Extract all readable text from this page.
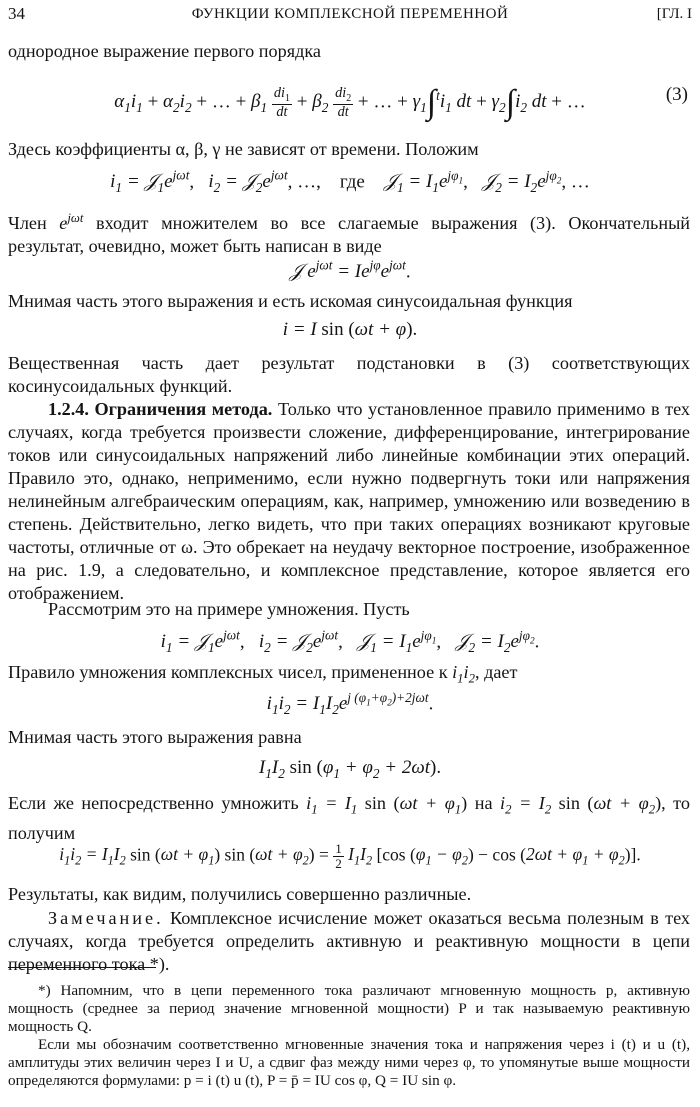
34	ФУНКЦИИ КОМПЛЕКСНОЙ ПЕРЕМЕННОЙ	[ГЛ. I
однородное выражение первого порядка
$\alpha_1i_1 + \alpha_2i_2$ + … + $\beta_1 \frac{di_1}{dt} + \beta_2 \frac{di_2}{dt}$ + … + $\gamma_1\int^ti_1$ dt + $\gamma_2\int i_2$ dt + …	(3)
Здесь коэффициенты α, β, γ не зависят от времени. Положим
$i_1$ = $𝒥_1e^{j\omega t}$,   $i_2$ = $𝒥_2e^{j\omega t}$, …,    где 𝒥$_1$ = $I_1e^{j\varphi_1}$,   𝒥$_2$ = $I_2e^{j\varphi_2}$, …
Член $e^{j\omega t}$ входит множителем во все слагаемые выражения (3). Окончательный результат, очевидно, может быть написан в виде
𝒥 $e^{j\omega t} = Ie^{j\varphi}e^{j\omega t}$.
Мнимая часть этого выражения и есть искомая синусоидальная функция
i = I sin (ωt + φ).
Вещественная часть дает результат подстановки в (3) соответствующих косинусоидальных функций.
1.2.4. Ограничения метода. Только что установленное правило применимо в тех случаях, когда требуется произвести сложение, дифференцирование, интегрирование токов или синусоидальных напряжений либо линейные комбинации этих операций. Правило это, однако, неприменимо, если нужно подвергнуть токи или напряжения нелинейным алгебраическим операциям, как, например, умножению или возведению в степень. Действительно, легко видеть, что при таких операциях возникают круговые частоты, отличные от ω. Это обрекает на неудачу векторное построение, изображенное на рис. 1.9, а следовательно, и комплексное представление, которое является его отображением.
Рассмотрим это на примере умножения. Пусть
$i_1$ = $𝒥_1e^{j\omega t}$,   $i_2$ = $𝒥_2e^{j\omega t}$,   𝒥$_1$ = $I_1e^{j\varphi_1}$,   𝒥$_2$ = $I_2e^{j\varphi_2}$.
Правило умножения комплексных чисел, примененное к $i_1i_2$, дает
$i_1i_2 = I_1I_2e^{j (\varphi_1+\varphi_2)+2j\omega t}$.
Мнимая часть этого выражения равна
$I_1I_2$ $\sin (\varphi_1 + \varphi_2 + 2\omega t)$.
Если же непосредственно умножить $i_1 = I_1$ $\sin (\omega t + \varphi_1)$ на $i_2 = I_2$ $\sin (\omega t + \varphi_2)$, то получим
$i_1i_2 = I_1I_2$ $\sin (\omega t + \varphi_1)$ $\sin (\omega t + \varphi_2) = \frac{1}{2} I_1I_2$ [cos $(\varphi_1 - \varphi_2) - \cos (2\omega t + \varphi_1 + \varphi_2)$].
Результаты, как видим, получились совершенно различные.
Замечание. Комплексное исчисление может оказаться весьма полезным в тех случаях, когда требуется определить активную и реактивную мощности в цепи переменного тока *).
*) Напомним, что в цепи переменного тока различают мгновенную мощность p, активную мощность (среднее за период значение мгновенной мощности) P и так называемую реактивную мощность Q.
Если мы обозначим соответственно мгновенные значения тока и напряжения через i (t) и u (t), амплитуды этих величин через I и U, а сдвиг фаз между ними через φ, то упомянутые выше мощности определяются формулами: p = i (t) u (t), P = p̄ = IU cos φ, Q = IU sin φ.
